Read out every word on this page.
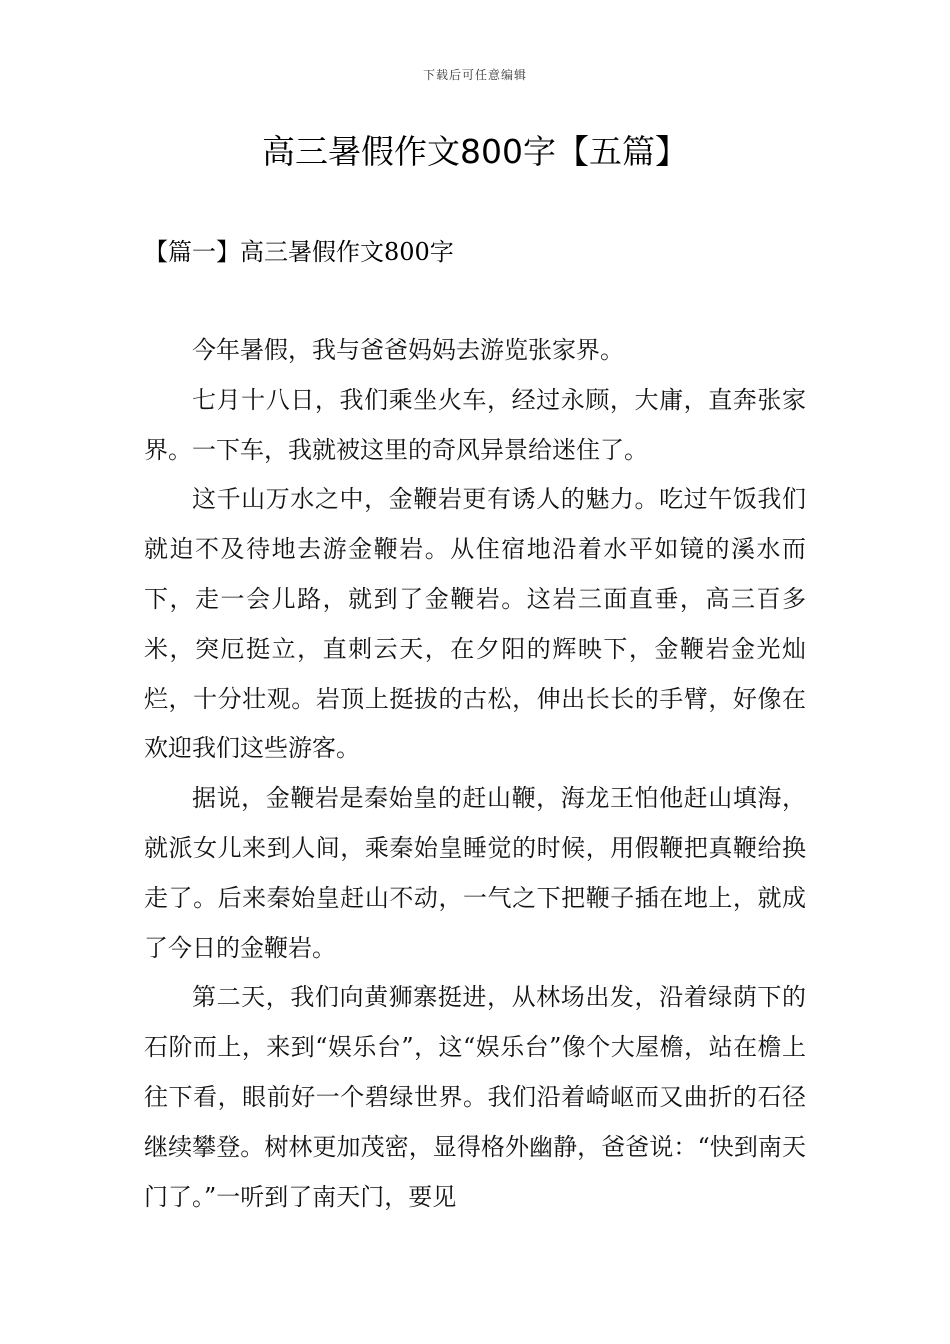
下载后可任意编辑
高三暑假作文800字【五篇】
【篇一】高三暑假作文800字

今年暑假，我与爸爸妈妈去游览张家界。

七月十八日，我们乘坐火车，经过永顾，大庸，直奔张家界。一下车，我就被这里的奇风异景给迷住了。

这千山万水之中，金鞭岩更有诱人的魅力。吃过午饭我们就迫不及待地去游金鞭岩。从住宿地沿着水平如镜的溪水而下，走一会儿路，就到了金鞭岩。这岩三面直垂，高三百多米，突厄挺立，直刺云天，在夕阳的辉映下，金鞭岩金光灿烂，十分壮观。岩顶上挺拔的古松，伸出长长的手臂，好像在欢迎我们这些游客。

据说，金鞭岩是秦始皇的赶山鞭，海龙王怕他赶山填海，就派女儿来到人间，乘秦始皇睡觉的时候，用假鞭把真鞭给换走了。后来秦始皇赶山不动，一气之下把鞭子插在地上，就成了今日的金鞭岩。

第二天，我们向黄狮寨挺进，从林场出发，沿着绿荫下的石阶而上，来到“娱乐台”，这“娱乐台”像个大屋檐，站在檐上往下看，眼前好一个碧绿世界。我们沿着崎岖而又曲折的石径继续攀登。树林更加茂密，显得格外幽静，爸爸说：“快到南天门了。”一听到了南天门，要见
